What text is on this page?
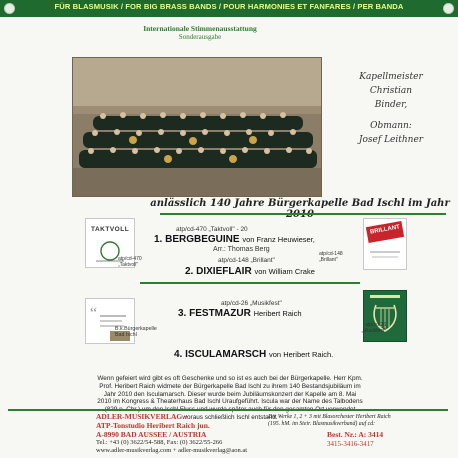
FÜR BLASMUSIK / FOR BIG BRASS BANDS / POUR HARMONIES ET FANFARES / PER BANDA
Internationale Stimmenausstattung
Sonderausgabe
Kapellmeister
Christian
Binder,
Obmann:
Josef Leithner
anlässlich 140 Jahre Bürgerkapelle Bad Ischl im Jahr
TAKTVOLL
atp/cd-470
„Taktvoll"
atp/cd-470 „Taktvoll" - 20
1. BERGBEGUINE von Franz Heuwieser,
Arr.: Thomas Berg
BRILLANT
atp/cd-148
„Brillant"
atp/cd-148 „Brillant"
2. DIXIEFLAIR von William Crake
“
B.k.Bürgerkapelle
Bad Ischl
atp/cd-26 „Musikfest"
3. FESTMAZUR Heribert Raich
atp/cd-26
„Musikfest"
4. ISCULAMARSCH von Heribert Raich.
Wenn gefeiert wird gibt es oft Geschenke und so ist es auch bei der Bürgerkapelle. Herr Kpm. Prof. Heribert Raich widmete der Bürgerkapelle Bad Ischl zu ihrem 140 Bestandsjubiläum im Jahr 2010 den Isculamarsch. Dieser wurde beim Jubiläumskonzert der Kapelle am 8. Mai 2010 im Kongress & Theaterhaus Bad Ischl Uraufgeführt. Iscula war der Name des Talbodens woraus schließlich Ischl entstand.
ADLER-MUSIKVERLAG +
ATP-Tonstudio Heribert Raich jun.
A-8990 BAD AUSSEE / AUSTRIA
Tel.: +43 (0) 3622/54-588, Fax: (0) 3622/55-266
www.adler-musikverlag.com + adler-musikverlag@aon.at
Die Werke 1, 2 + 3 mit Blasorchester Heribert Raich
(195. hM. im Steir. Blasmusikverband) auf cd:
Best. Nr.: A: 3414
3415-3416-3417
